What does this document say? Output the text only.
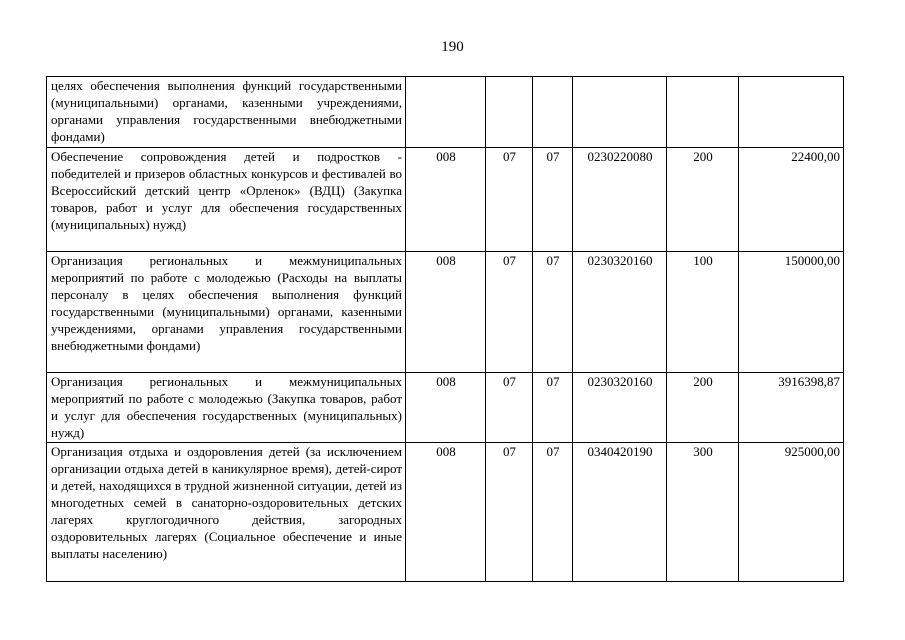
190
целях обеспечения выполнения функций государственными (муниципальными) органами, казенными учреждениями, органами управления государственными внебюджетными фондами)						
Обеспечение сопровождения детей и подростков - победителей и призеров областных конкурсов и фестивалей во Всероссийский детский центр «Орленок» (ВДЦ) (Закупка товаров, работ и услуг для обеспечения государственных (муниципальных) нужд)	008	07	07	0230220080	200	22400,00
Организация региональных и межмуниципальных мероприятий по работе с молодежью (Расходы на выплаты персоналу в целях обеспечения выполнения функций государственными (муниципальными) органами, казенными учреждениями, органами управления государственными внебюджетными фондами)	008	07	07	0230320160	100	150000,00
Организация региональных и межмуниципальных мероприятий по работе с молодежью (Закупка товаров, работ и услуг для обеспечения государственных (муниципальных) нужд)	008	07	07	0230320160	200	3916398,87
Организация отдыха и оздоровления детей (за исключением организации отдыха детей в каникулярное время), детей-сирот и детей, находящихся в трудной жизненной ситуации, детей из многодетных семей в санаторно-оздоровительных детских лагерях круглогодичного действия, загородных оздоровительных лагерях (Социальное обеспечение и иные выплаты населению)	008	07	07	0340420190	300	925000,00
